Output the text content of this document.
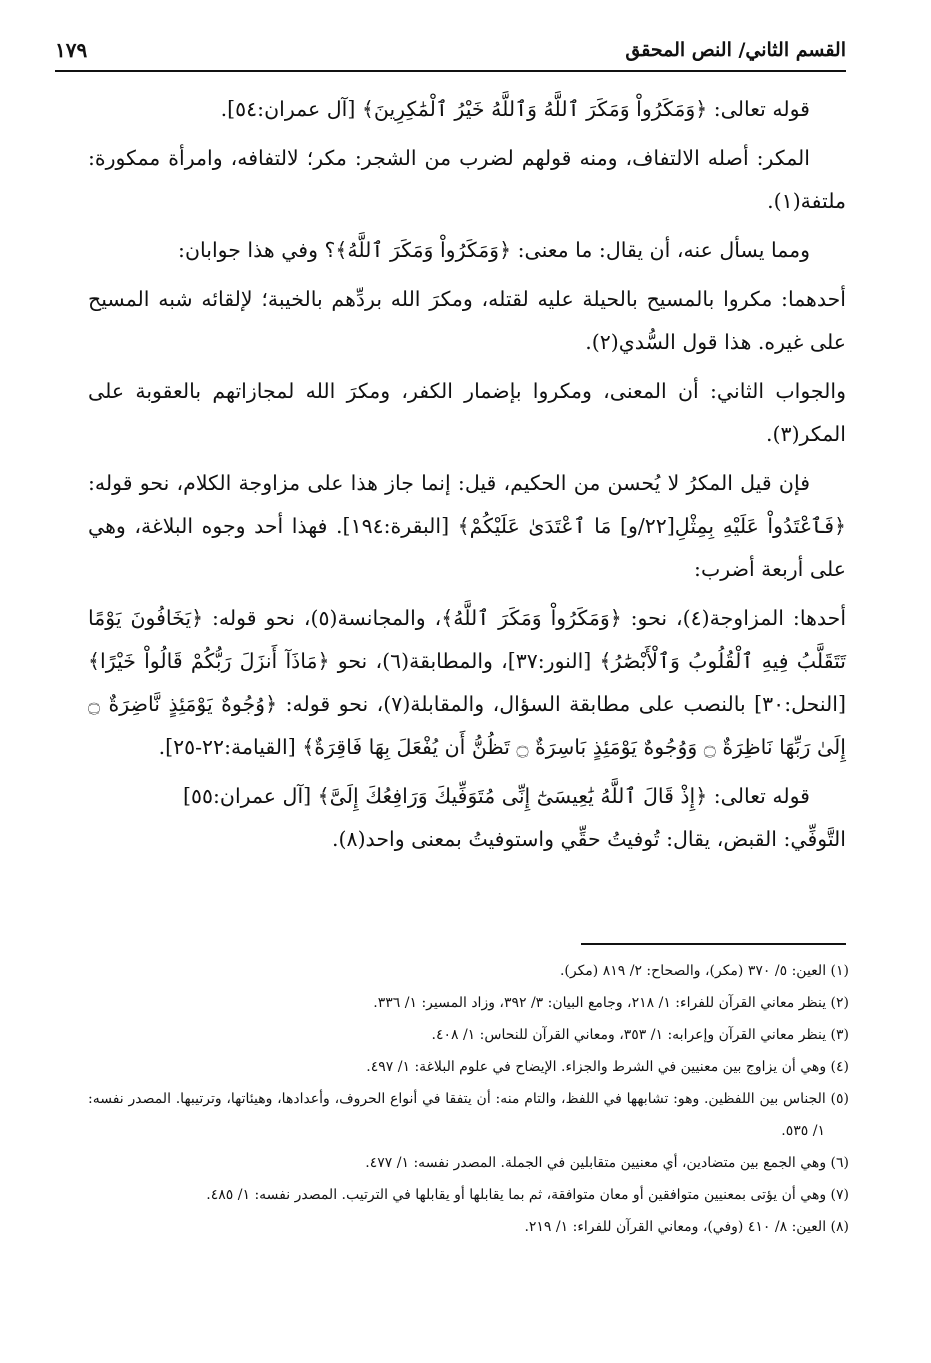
القسم الثاني/ النص المحقق
١٧٩

قوله تعالى: ﴿وَمَكَرُواْ وَمَكَرَ ٱللَّهُ وَٱللَّهُ خَيْرُ ٱلْمَٰكِرِينَ﴾ [آل عمران:٥٤].

المكر: أصله الالتفاف، ومنه قولهم لضرب من الشجر: مكر؛ لالتفافه، وامرأة ممكورة: ملتفة(١).

ومما يسأل عنه، أن يقال: ما معنى: ﴿وَمَكَرُواْ وَمَكَرَ ٱللَّهُ﴾؟ وفي هذا جوابان:

أحدهما: مكروا بالمسيح بالحيلة عليه لقتله، ومكرَ الله بردِّهم بالخيبة؛ لإلقائه شبه المسيح على غيره. هذا قول السُّدي(٢).

والجواب الثاني: أن المعنى، ومكروا بإضمار الكفر، ومكرَ الله لمجازاتهم بالعقوبة على المكر(٣).

فإن قيل المكرُ لا يُحسن من الحكيم، قيل: إنما جاز هذا على مزاوجة الكلام، نحو قوله: ﴿فَٱعْتَدُواْ عَلَيْهِ بِمِثْلِ[٢٢/و] مَا ٱعْتَدَىٰ عَلَيْكُمْ﴾ [البقرة:١٩٤]. فهذا أحد وجوه البلاغة، وهي على أربعة أضرب:

أحدها: المزاوجة(٤)، نحو: ﴿وَمَكَرُواْ وَمَكَرَ ٱللَّهُ﴾، والمجانسة(٥)، نحو قوله: ﴿يَخَافُونَ يَوْمًا تَتَقَلَّبُ فِيهِ ٱلْقُلُوبُ وَٱلْأَبْصَٰرُ﴾ [النور:٣٧]، والمطابقة(٦)، نحو ﴿مَاذَآ أَنزَلَ رَبُّكُمْ قَالُواْ خَيْرًا﴾ [النحل:٣٠] بالنصب على مطابقة السؤال، والمقابلة(٧)، نحو قوله: ﴿وُجُوهٌ يَوْمَئِذٍ نَّاضِرَةٌ ۝ إِلَىٰ رَبِّهَا نَاظِرَةٌ ۝ وَوُجُوهٌ يَوْمَئِذٍ بَاسِرَةٌ ۝ تَظُنُّ أَن يُفْعَلَ بِهَا فَاقِرَةٌ﴾ [القيامة:٢٢-٢٥].

قوله تعالى: ﴿إِذْ قَالَ ٱللَّهُ يَٰعِيسَىٰٓ إِنِّى مُتَوَفِّيكَ وَرَافِعُكَ إِلَىَّ﴾ [آل عمران:٥٥]

التَّوفِّي: القبض، يقال: تُوفيتُ حقِّي واستوفيتُ بمعنى واحد(٨).

(١) العين: ٥/ ٣٧٠ (مكر)، والصحاح: ٢/ ٨١٩ (مكر).

(٢) ينظر معاني القرآن للفراء: ١/ ٢١٨، وجامع البيان: ٣/ ٣٩٢، وزاد المسير: ١/ ٣٣٦.

(٣) ينظر معاني القرآن وإعرابه: ١/ ٣٥٣، ومعاني القرآن للنحاس: ١/ ٤٠٨.

(٤) وهي أن يزاوج بين معنيين في الشرط والجزاء. الإيضاح في علوم البلاغة: ١/ ٤٩٧.

(٥) الجناس بين اللفظين. وهو: تشابهها في اللفظ، والتام منه: أن يتفقا في أنواع الحروف، وأعدادها، وهيئاتها، وترتيبها. المصدر نفسه: ١/ ٥٣٥.

(٦) وهي الجمع بين متضادين، أي معنيين متقابلين في الجملة. المصدر نفسه: ١/ ٤٧٧.

(٧) وهي أن يؤتى بمعنيين متوافقين أو معان متوافقة، ثم بما يقابلها أو يقابلها في الترتيب. المصدر نفسه: ١/ ٤٨٥.

(٨) العين: ٨/ ٤١٠ (وفي)، ومعاني القرآن للفراء: ١/ ٢١٩.
